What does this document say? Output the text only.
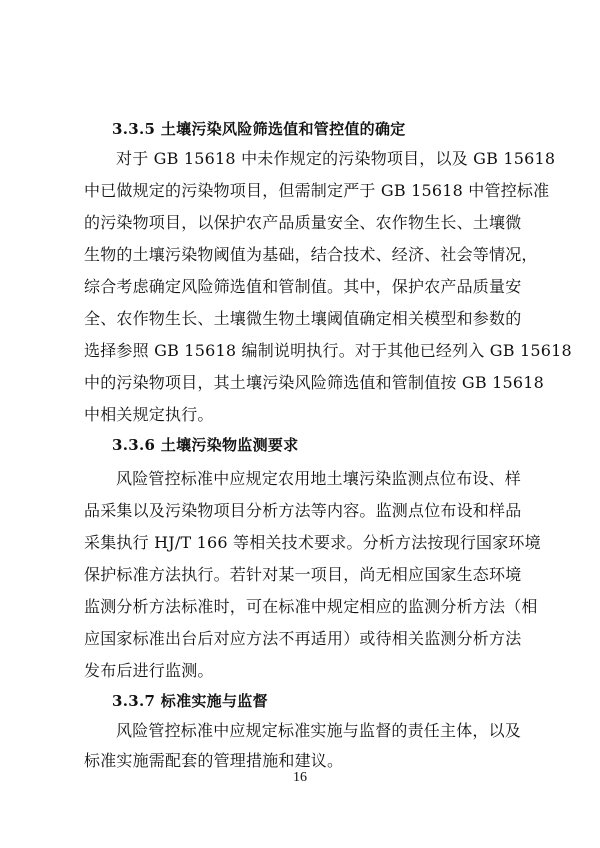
3.3.5 土壤污染风险筛选值和管控值的确定
对于 GB 15618 中未作规定的污染物项目，以及 GB 15618
中已做规定的污染物项目，但需制定严于 GB 15618 中管控标准
的污染物项目，以保护农产品质量安全、农作物生长、土壤微
生物的土壤污染物阈值为基础，结合技术、经济、社会等情况，
综合考虑确定风险筛选值和管制值。其中，保护农产品质量安
全、农作物生长、土壤微生物土壤阈值确定相关模型和参数的
选择参照 GB 15618 编制说明执行。对于其他已经列入 GB 15618
中的污染物项目，其土壤污染风险筛选值和管制值按 GB 15618
中相关规定执行。
3.3.6 土壤污染物监测要求
风险管控标准中应规定农用地土壤污染监测点位布设、样
品采集以及污染物项目分析方法等内容。监测点位布设和样品
采集执行 HJ/T 166 等相关技术要求。分析方法按现行国家环境
保护标准方法执行。若针对某一项目，尚无相应国家生态环境
监测分析方法标准时，可在标准中规定相应的监测分析方法（相
应国家标准出台后对应方法不再适用）或待相关监测分析方法
发布后进行监测。
3.3.7 标准实施与监督
风险管控标准中应规定标准实施与监督的责任主体，以及
标准实施需配套的管理措施和建议。
16
